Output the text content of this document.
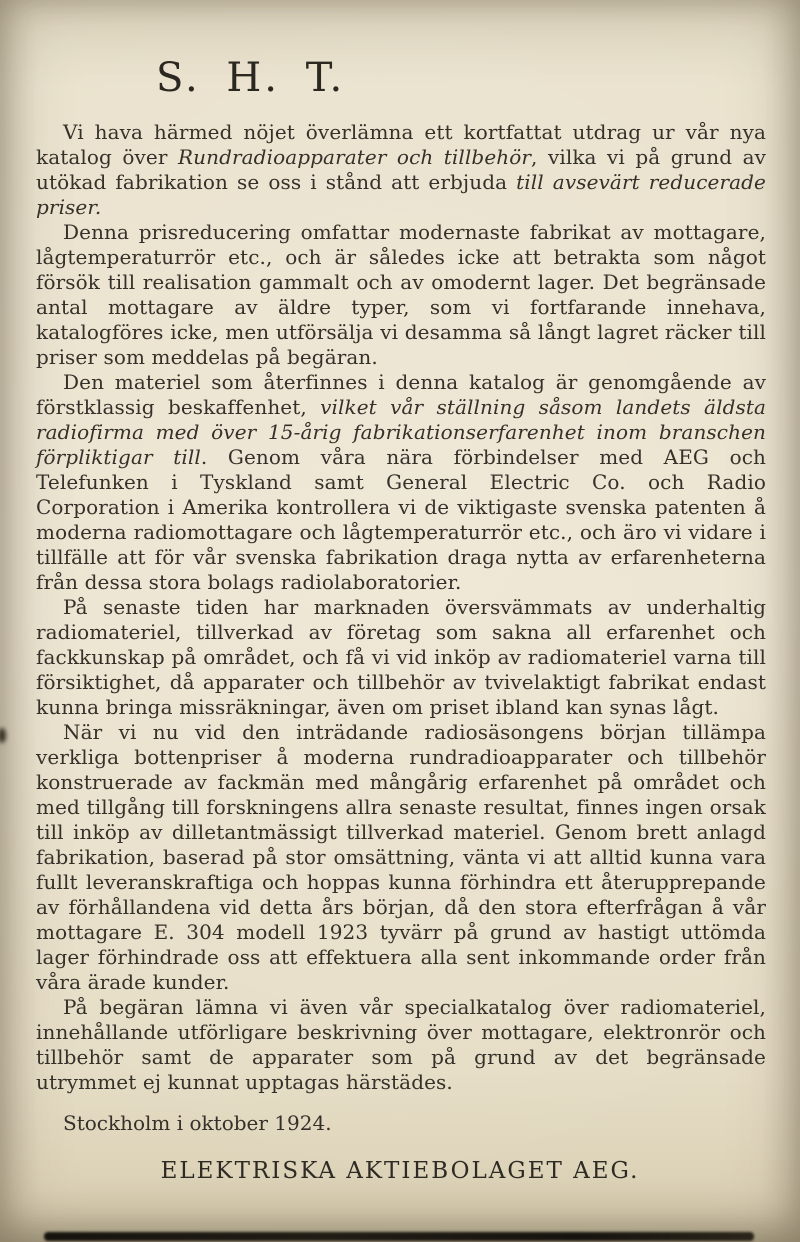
S. H. T.

Vi hava härmed nöjet överlämna ett kortfattat utdrag ur vår nya katalog över Rundradioapparater och tillbehör, vilka vi på grund av utökad fabrikation se oss i stånd att erbjuda till avsevärt reducerade priser.

Denna prisreducering omfattar modernaste fabrikat av mottagare, lågtemperaturrör etc., och är således icke att betrakta som något försök till realisation gammalt och av omodernt lager. Det begränsade antal mottagare av äldre typer, som vi fortfarande innehava, katalogföres icke, men utförsälja vi desamma så långt lagret räcker till priser som meddelas på begäran.

Den materiel som återfinnes i denna katalog är genomgående av förstklassig beskaffenhet, vilket vår ställning såsom landets äldsta radiofirma med över 15-årig fabrikationserfarenhet inom branschen förpliktigar till. Genom våra nära förbindelser med AEG och Telefunken i Tyskland samt General Electric Co. och Radio Corporation i Amerika kontrollera vi de viktigaste svenska patenten å moderna radiomottagare och lågtemperaturrör etc., och äro vi vidare i tillfälle att för vår svenska fabrikation draga nytta av erfarenheterna från dessa stora bolags radiolaboratorier.

På senaste tiden har marknaden översvämmats av underhaltig radiomateriel, tillverkad av företag som sakna all erfarenhet och fackkunskap på området, och få vi vid inköp av radiomateriel varna till försiktighet, då apparater och tillbehör av tvivelaktigt fabrikat endast kunna bringa missräkningar, även om priset ibland kan synas lågt.

När vi nu vid den inträdande radiosäsongens början tillämpa verkliga bottenpriser å moderna rundradioapparater och tillbehör konstruerade av fackmän med mångårig erfarenhet på området och med tillgång till forskningens allra senaste resultat, finnes ingen orsak till inköp av dilletantmässigt tillverkad materiel. Genom brett anlagd fabrikation, baserad på stor omsättning, vänta vi att alltid kunna vara fullt leveranskraftiga och hoppas kunna förhindra ett återupprepande av förhållandena vid detta års början, då den stora efterfrågan å vår mottagare E. 304 modell 1923 tyvärr på grund av hastigt uttömda lager förhindrade oss att effektuera alla sent inkommande order från våra ärade kunder.

På begäran lämna vi även vår specialkatalog över radiomateriel, innehållande utförligare beskrivning över mottagare, elektronrör och tillbehör samt de apparater som på grund av det begränsade utrymmet ej kunnat upptagas härstädes.

Stockholm i oktober 1924.

ELEKTRISKA AKTIEBOLAGET AEG.
